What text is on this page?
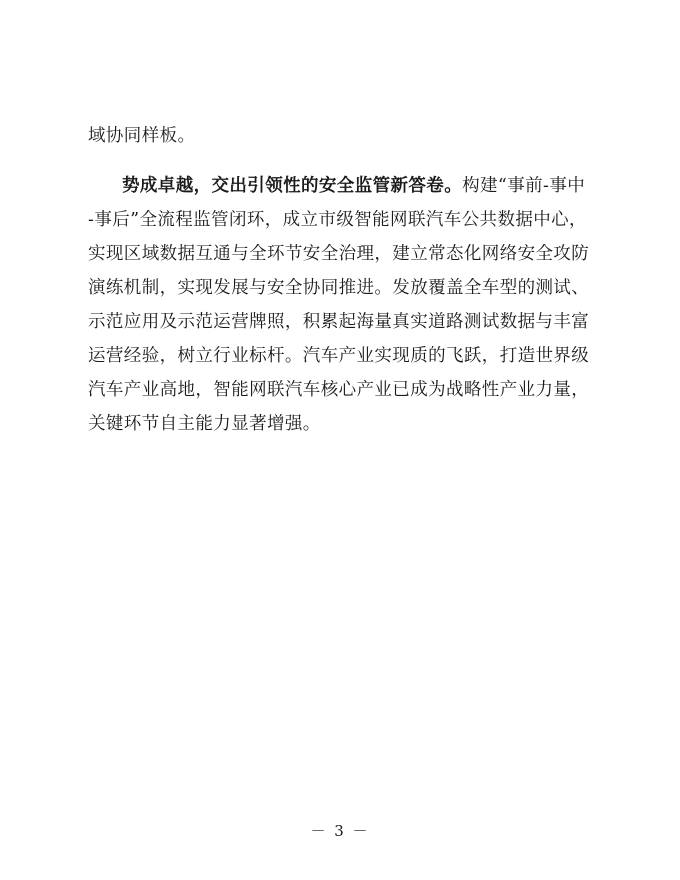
域协同样板。
势成卓越，交出引领性的安全监管新答卷。构建“事前-事中
-事后”全流程监管闭环，成立市级智能网联汽车公共数据中心，
实现区域数据互通与全环节安全治理，建立常态化网络安全攻防
演练机制，实现发展与安全协同推进。发放覆盖全车型的测试、
示范应用及示范运营牌照，积累起海量真实道路测试数据与丰富
运营经验，树立行业标杆。汽车产业实现质的飞跃，打造世界级
汽车产业高地，智能网联汽车核心产业已成为战略性产业力量，
关键环节自主能力显著增强。
－ 3 －
